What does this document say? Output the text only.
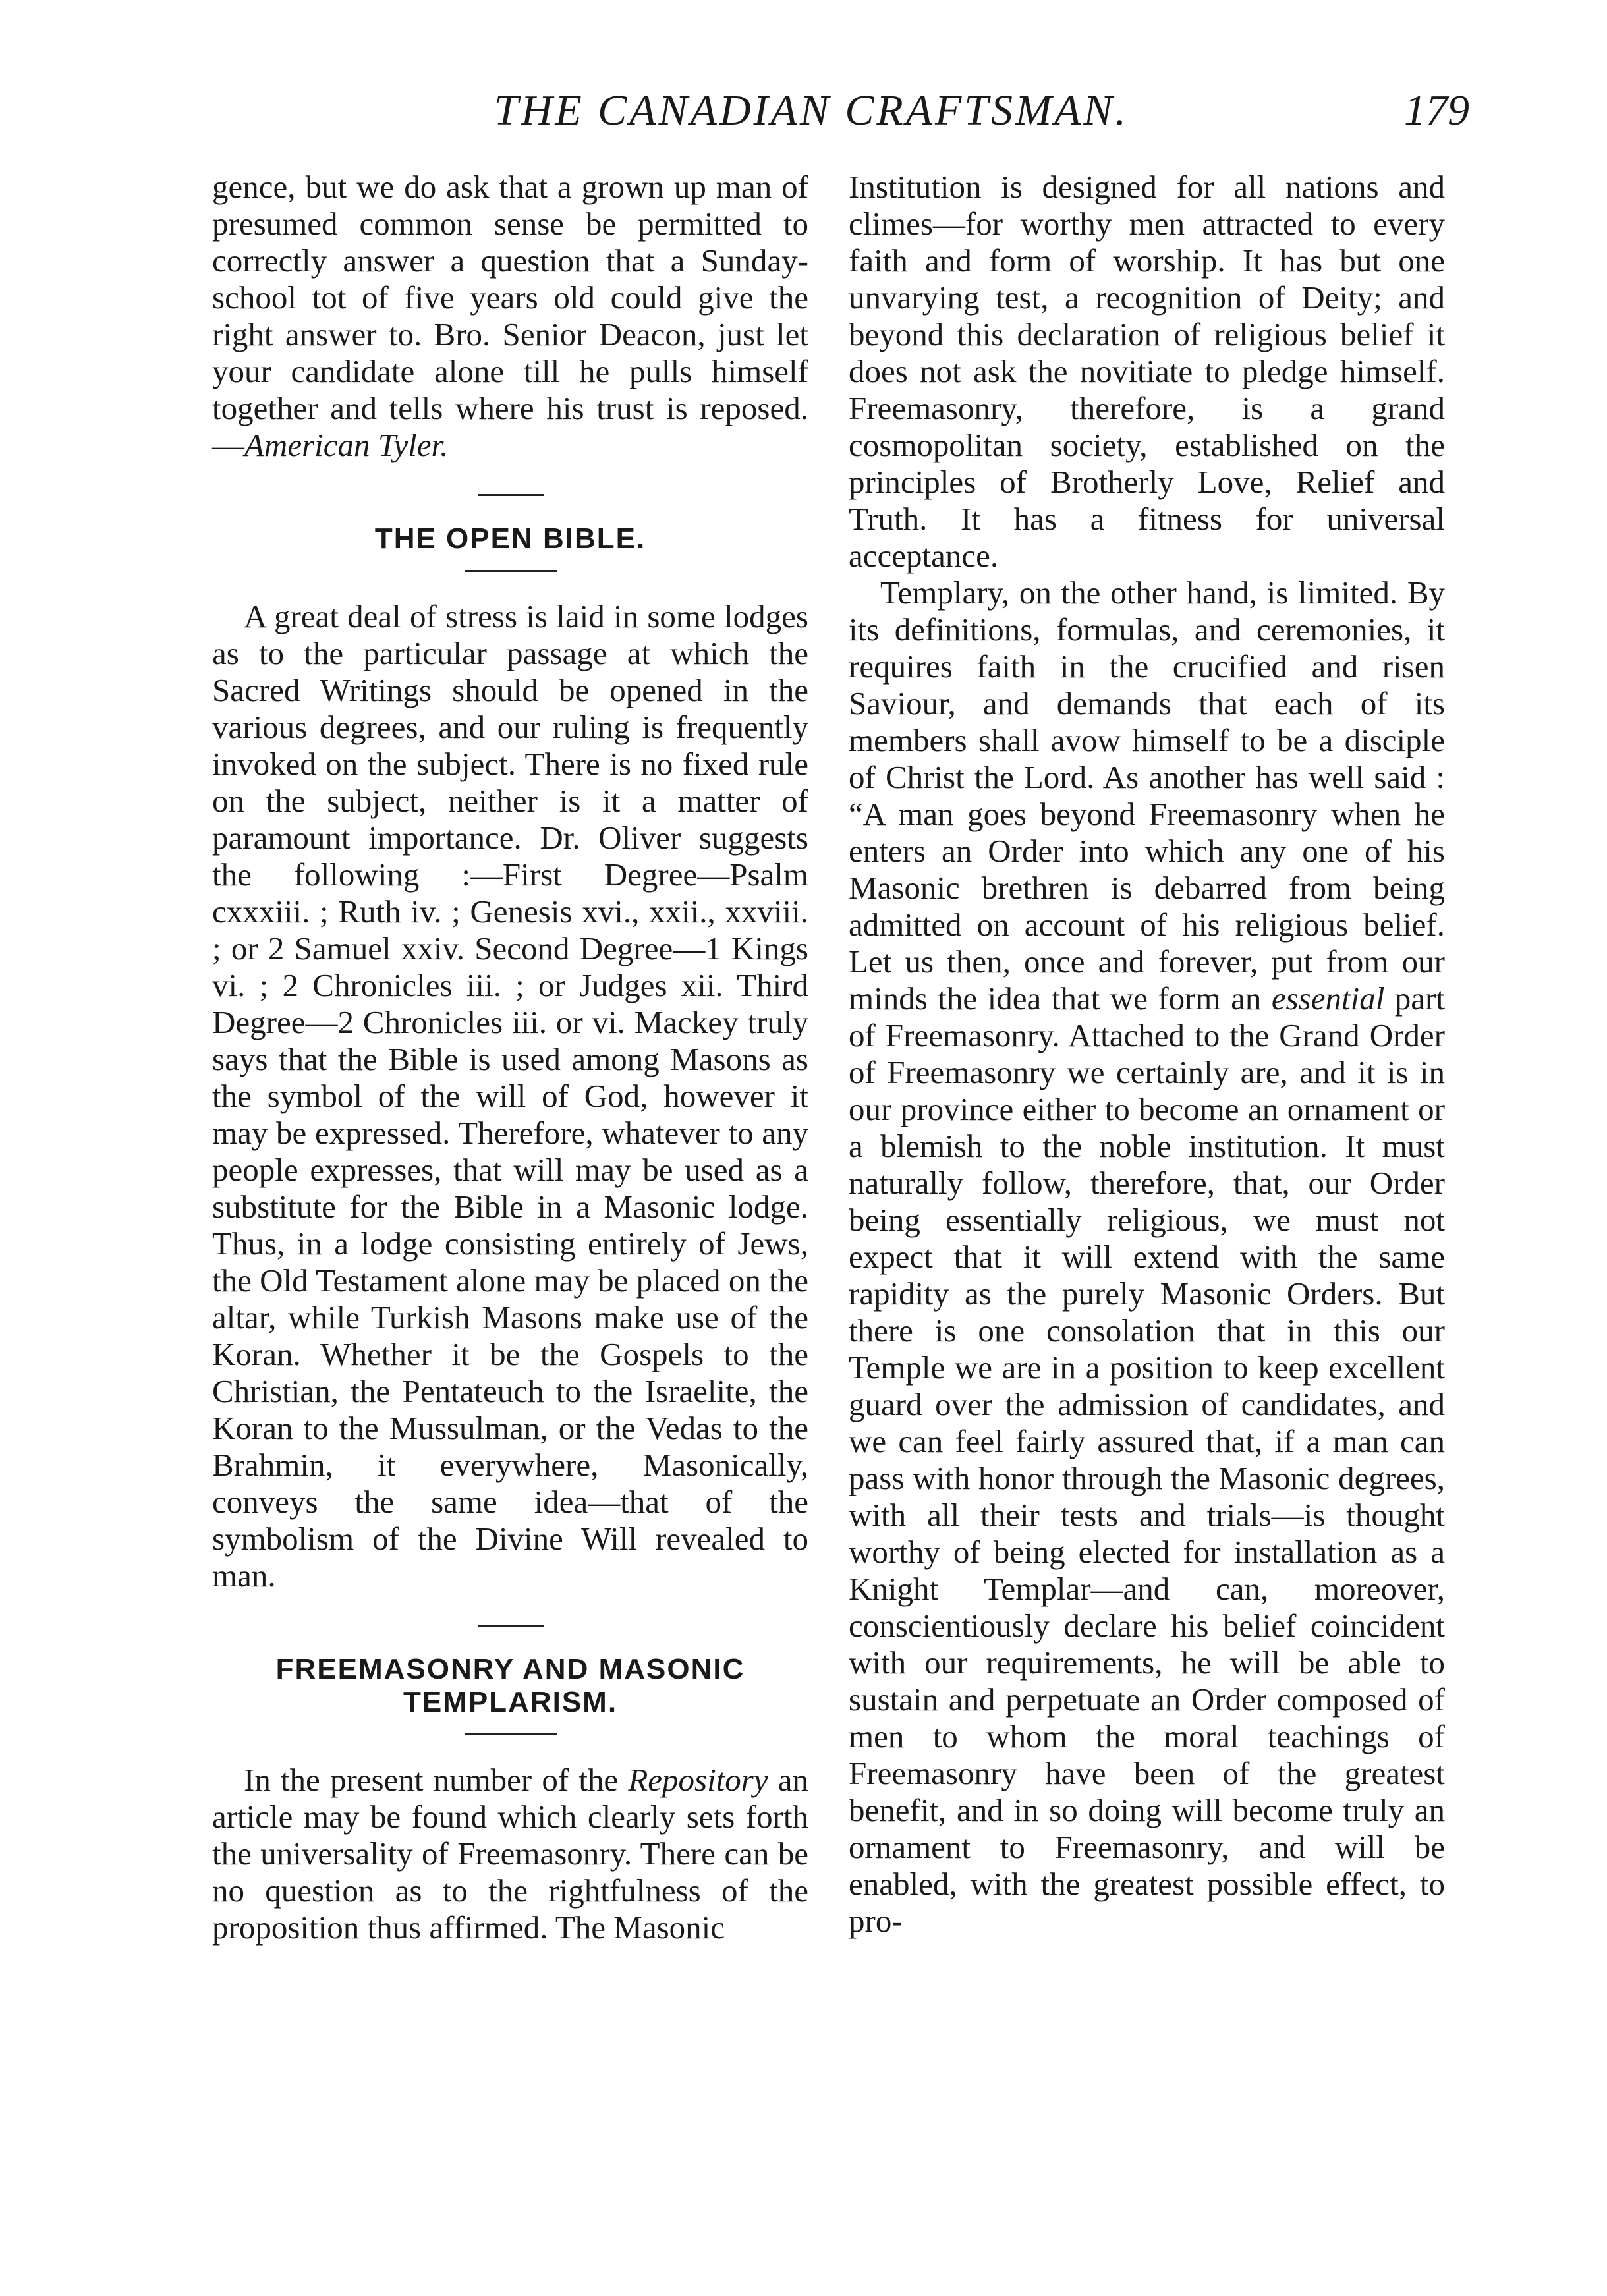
THE CANADIAN CRAFTSMAN.	179

gence, but we do ask that a grown up man of presumed common sense be permitted to correctly answer a question that a Sunday-school tot of five years old could give the right answer to. Bro. Senior Deacon, just let your candidate alone till he pulls himself together and tells where his trust is reposed.—American Tyler.

THE OPEN BIBLE.

A great deal of stress is laid in some lodges as to the particular passage at which the Sacred Writings should be opened in the various degrees, and our ruling is frequently invoked on the subject. There is no fixed rule on the subject, neither is it a matter of paramount importance. Dr. Oliver suggests the following :—First Degree—Psalm cxxxiii. ; Ruth iv. ; Genesis xvi., xxii., xxviii. ; or 2 Samuel xxiv. Second Degree—1 Kings vi. ; 2 Chronicles iii. ; or Judges xii. Third Degree—2 Chronicles iii. or vi. Mackey truly says that the Bible is used among Masons as the symbol of the will of God, however it may be expressed. Therefore, whatever to any people expresses, that will may be used as a substitute for the Bible in a Masonic lodge. Thus, in a lodge consisting entirely of Jews, the Old Testament alone may be placed on the altar, while Turkish Masons make use of the Koran. Whether it be the Gospels to the Christian, the Pentateuch to the Israelite, the Koran to the Mussulman, or the Vedas to the Brahmin, it everywhere, Masonically, conveys the same idea—that of the symbolism of the Divine Will revealed to man.

FREEMASONRY AND MASONIC TEMPLARISM.

In the present number of the Repository an article may be found which clearly sets forth the universality of Freemasonry. There can be no question as to the rightfulness of the proposition thus affirmed. The Masonic

Institution is designed for all nations and climes—for worthy men attracted to every faith and form of worship. It has but one unvarying test, a recognition of Deity; and beyond this declaration of religious belief it does not ask the novitiate to pledge himself. Freemasonry, therefore, is a grand cosmopolitan society, established on the principles of Brotherly Love, Relief and Truth. It has a fitness for universal acceptance.

Templary, on the other hand, is limited. By its definitions, formulas, and ceremonies, it requires faith in the crucified and risen Saviour, and demands that each of its members shall avow himself to be a disciple of Christ the Lord. As another has well said : “A man goes beyond Freemasonry when he enters an Order into which any one of his Masonic brethren is debarred from being admitted on account of his religious belief. Let us then, once and forever, put from our minds the idea that we form an essential part of Freemasonry. Attached to the Grand Order of Freemasonry we certainly are, and it is in our province either to become an ornament or a blemish to the noble institution. It must naturally follow, therefore, that, our Order being essentially religious, we must not expect that it will extend with the same rapidity as the purely Masonic Orders. But there is one consolation that in this our Temple we are in a position to keep excellent guard over the admission of candidates, and we can feel fairly assured that, if a man can pass with honor through the Masonic degrees, with all their tests and trials—is thought worthy of being elected for installation as a Knight Templar—and can, moreover, conscientiously declare his belief coincident with our requirements, he will be able to sustain and perpetuate an Order composed of men to whom the moral teachings of Freemasonry have been of the greatest benefit, and in so doing will become truly an ornament to Freemasonry, and will be enabled, with the greatest possible effect, to pro-
